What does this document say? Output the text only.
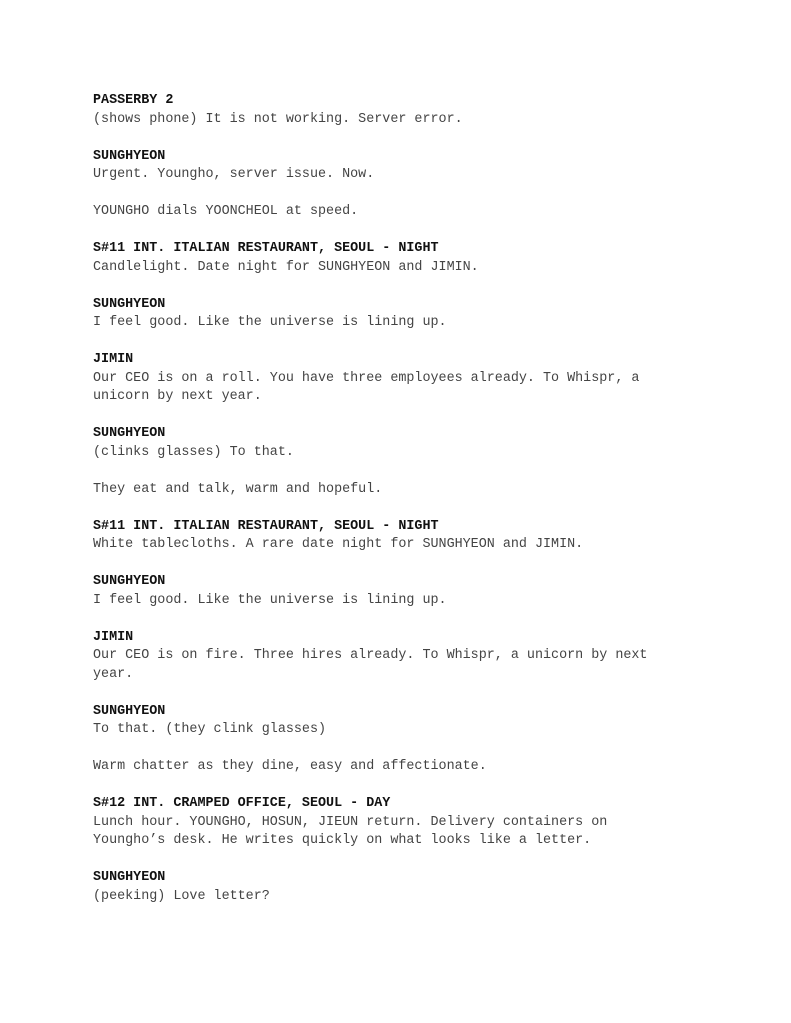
PASSERBY 2
(shows phone) It is not working. Server error.
SUNGHYEON
Urgent. Youngho, server issue. Now.
YOUNGHO dials YOONCHEOL at speed.
S#11 INT. ITALIAN RESTAURANT, SEOUL - NIGHT
Candlelight. Date night for SUNGHYEON and JIMIN.
SUNGHYEON
I feel good. Like the universe is lining up.
JIMIN
Our CEO is on a roll. You have three employees already. To Whispr, a
unicorn by next year.
SUNGHYEON
(clinks glasses) To that.
They eat and talk, warm and hopeful.
S#11 INT. ITALIAN RESTAURANT, SEOUL - NIGHT
White tablecloths. A rare date night for SUNGHYEON and JIMIN.
SUNGHYEON
I feel good. Like the universe is lining up.
JIMIN
Our CEO is on fire. Three hires already. To Whispr, a unicorn by next
year.
SUNGHYEON
To that. (they clink glasses)
Warm chatter as they dine, easy and affectionate.
S#12 INT. CRAMPED OFFICE, SEOUL - DAY
Lunch hour. YOUNGHO, HOSUN, JIEUN return. Delivery containers on
Youngho’s desk. He writes quickly on what looks like a letter.
SUNGHYEON
(peeking) Love letter?
